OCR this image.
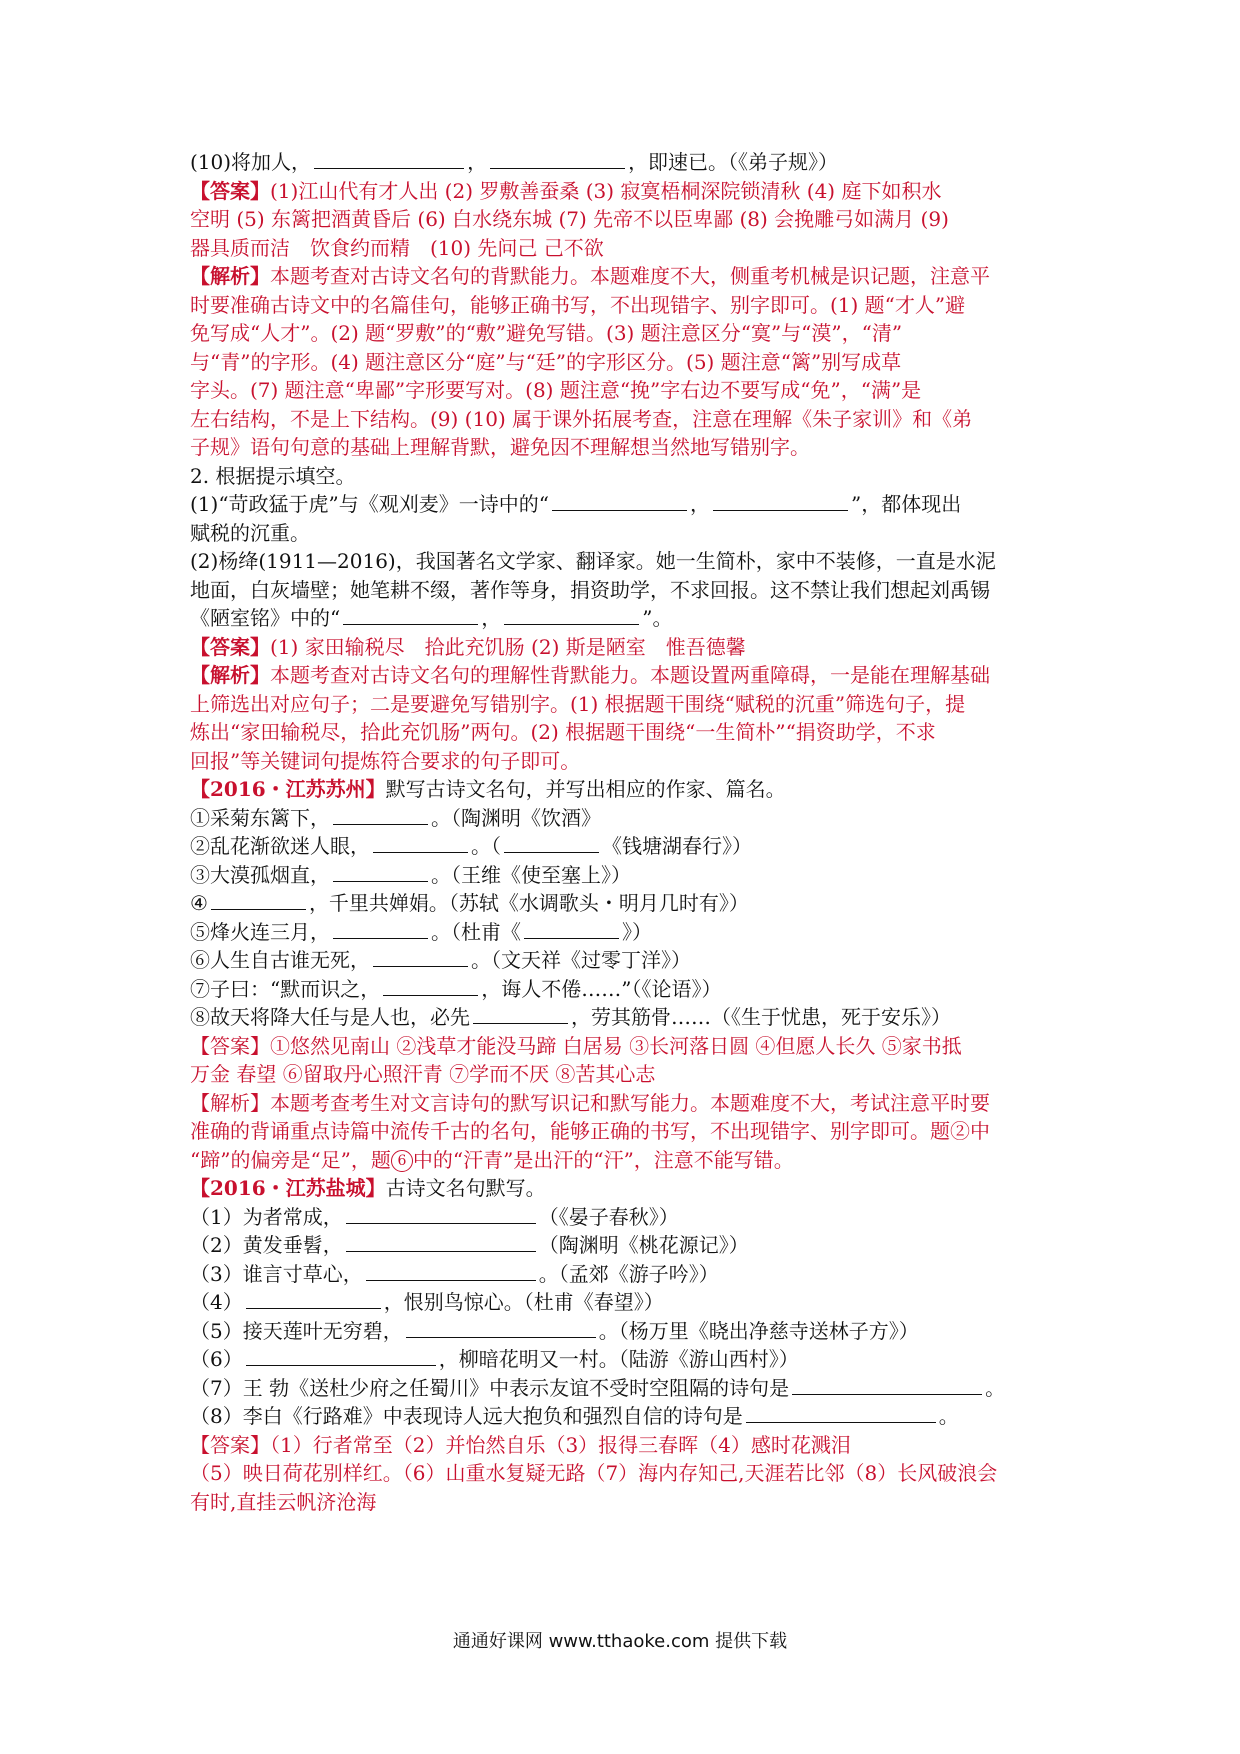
(10)将加人，	，	，即速已。（《弟子规》）
【答案】(1)江山代有才人出 (2) 罗敷善蚕桑 (3) 寂寞梧桐深院锁清秋 (4) 庭下如积水
空明 (5) 东篱把酒黄昏后 (6) 白水绕东城 (7) 先帝不以臣卑鄙 (8) 会挽雕弓如满月 (9)
器具质而洁　饮食约而精　(10) 先问己 己不欲
【解析】本题考查对古诗文名句的背默能力。本题难度不大，侧重考机械是识记题，注意平
时要准确古诗文中的名篇佳句，能够正确书写，不出现错字、别字即可。(1) 题“才人”避
免写成“人才”。(2) 题“罗敷”的“敷”避免写错。(3) 题注意区分“寞”与“漠”，“清”
与“青”的字形。(4) 题注意区分“庭”与“廷”的字形区分。(5) 题注意“篱”别写成草
字头。(7) 题注意“卑鄙”字形要写对。(8) 题注意“挽”字右边不要写成“免”，“满”是
左右结构，不是上下结构。(9) (10) 属于课外拓展考查，注意在理解《朱子家训》和《弟
子规》语句句意的基础上理解背默，避免因不理解想当然地写错别字。
2. 根据提示填空。
(1)“苛政猛于虎”与《观刈麦》一诗中的“	，	”，都体现出
赋税的沉重。
(2)杨绛(1911—2016)，我国著名文学家、翻译家。她一生简朴，家中不装修，一直是水泥
地面，白灰墙壁；她笔耕不缀，著作等身，捐资助学，不求回报。这不禁让我们想起刘禹锡
《陋室铭》中的“	，	”。
【答案】(1) 家田输税尽　拾此充饥肠 (2) 斯是陋室　惟吾德馨
【解析】本题考查对古诗文名句的理解性背默能力。本题设置两重障碍，一是能在理解基础
上筛选出对应句子；二是要避免写错别字。(1) 根据题干围绕“赋税的沉重”筛选句子，提
炼出“家田输税尽，拾此充饥肠”两句。(2) 根据题干围绕“一生简朴”“捐资助学，不求
回报”等关键词句提炼符合要求的句子即可。
【2016・江苏苏州】默写古诗文名句，并写出相应的作家、篇名。
①采菊东篱下，	。（陶渊明《饮酒》
②乱花渐欲迷人眼，	。（	《钱塘湖春行》）
③大漠孤烟直，	。（王维《使至塞上》）
④	，千里共婵娟。（苏轼《水调歌头・明月几时有》）
⑤烽火连三月，	。（杜甫《	》）
⑥人生自古谁无死，	。（文天祥《过零丁洋》）
⑦子曰：“默而识之，	，诲人不倦……”（《论语》）
⑧故天将降大任与是人也，必先	，劳其筋骨……（《生于忧患，死于安乐》）
【答案】①悠然见南山 ②浅草才能没马蹄 白居易 ③长河落日圆 ④但愿人长久 ⑤家书抵
万金 春望 ⑥留取丹心照汗青 ⑦学而不厌 ⑧苦其心志
【解析】本题考查考生对文言诗句的默写识记和默写能力。本题难度不大，考试注意平时要
准确的背诵重点诗篇中流传千古的名句，能够正确的书写，不出现错字、别字即可。题②中
“蹄”的偏旁是“足”，题 6 中的“汗青”是出汗的“汗”，注意不能写错。
【2016・江苏盐城】古诗文名句默写。
（1）为者常成，	（《晏子春秋》）
（2）黄发垂髫，	（陶渊明《桃花源记》）
（3）谁言寸草心，	。（孟郊《游子吟》）
（4）	，恨别鸟惊心。（杜甫《春望》）
（5）接天莲叶无穷碧，	。（杨万里《晓出净慈寺送林子方》）
（6）	，柳暗花明又一村。（陆游《游山西村》）
（7）王 勃《送杜少府之任蜀川》中表示友谊不受时空阻隔的诗句是	。
（8）李白《行路难》中表现诗人远大抱负和强烈自信的诗句是	。
【答案】（1）行者常至（2）并怡然自乐（3）报得三春晖（4）感时花溅泪
（5）映日荷花别样红。（6）山重水复疑无路（7）海内存知己,天涯若比邻（8）长风破浪会
有时,直挂云帆济沧海
通通好课网 www.tthaoke.com 提供下载
